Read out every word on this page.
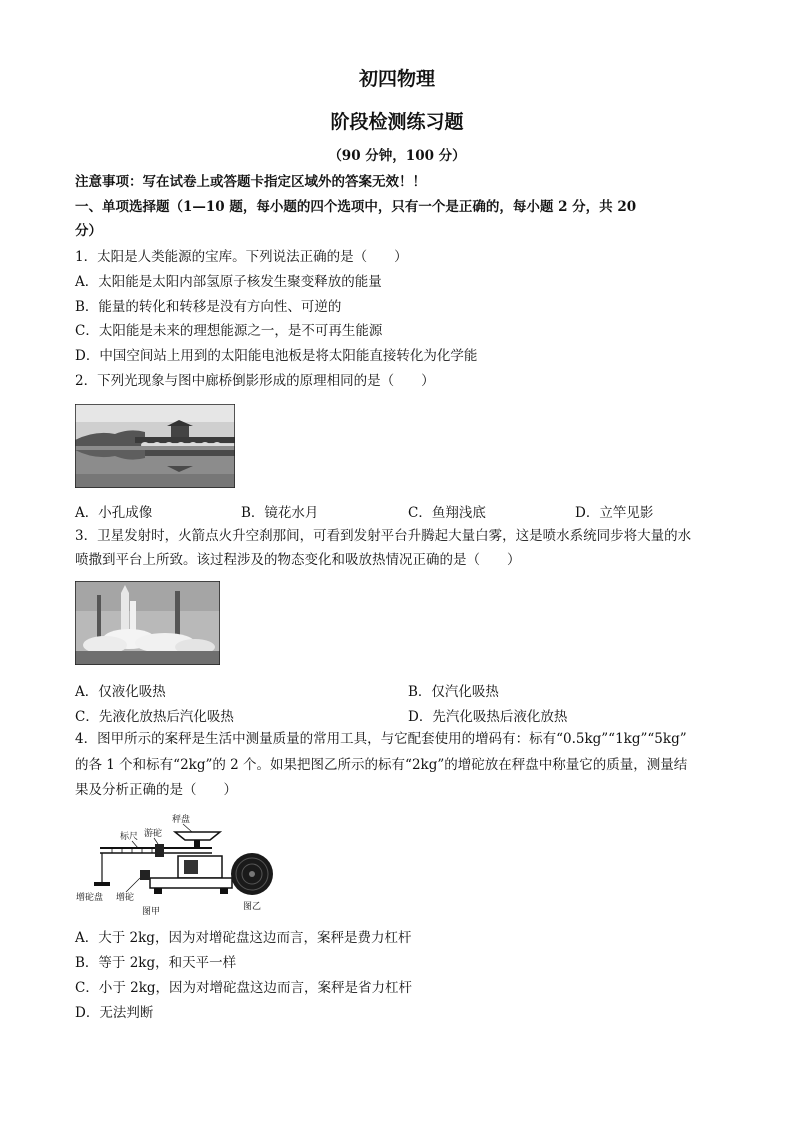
初四物理
阶段检测练习题
（90 分钟，100 分）
注意事项：写在试卷上或答题卡指定区域外的答案无效！！
一、单项选择题（1—10 题，每小题的四个选项中，只有一个是正确的，每小题 2 分，共 20
分）
1．太阳是人类能源的宝库。下列说法正确的是（　　）
A．太阳能是太阳内部氢原子核发生聚变释放的能量
B．能量的转化和转移是没有方向性、可逆的
C．太阳能是未来的理想能源之一，是不可再生能源
D．中国空间站上用到的太阳能电池板是将太阳能直接转化为化学能
2．下列光现象与图中廊桥倒影形成的原理相同的是（　　）
A．小孔成像	B．镜花水月	C．鱼翔浅底	D．立竿见影
3．卫星发射时，火箭点火升空刹那间，可看到发射平台升腾起大量白雾，这是喷水系统同步将大量的水
喷撒到平台上所致。该过程涉及的物态变化和吸放热情况正确的是（　　）
A．仅液化吸热	B．仅汽化吸热
C．先液化放热后汽化吸热	D．先汽化吸热后液化放热
4．图甲所示的案秤是生活中测量质量的常用工具，与它配套使用的增码有：标有“0.5kg”“1kg”“5kg”
的各 1 个和标有“2kg”的 2 个。如果把图乙所示的标有“2kg”的增砣放在秤盘中称量它的质量，测量结
果及分析正确的是（　　）
秤盘
标尺 游砣
增砣盘 增砣
图甲	图乙
A．大于 2kg，因为对增砣盘这边而言，案秤是费力杠杆
B．等于 2kg，和天平一样
C．小于 2kg，因为对增砣盘这边而言，案秤是省力杠杆
D．无法判断
